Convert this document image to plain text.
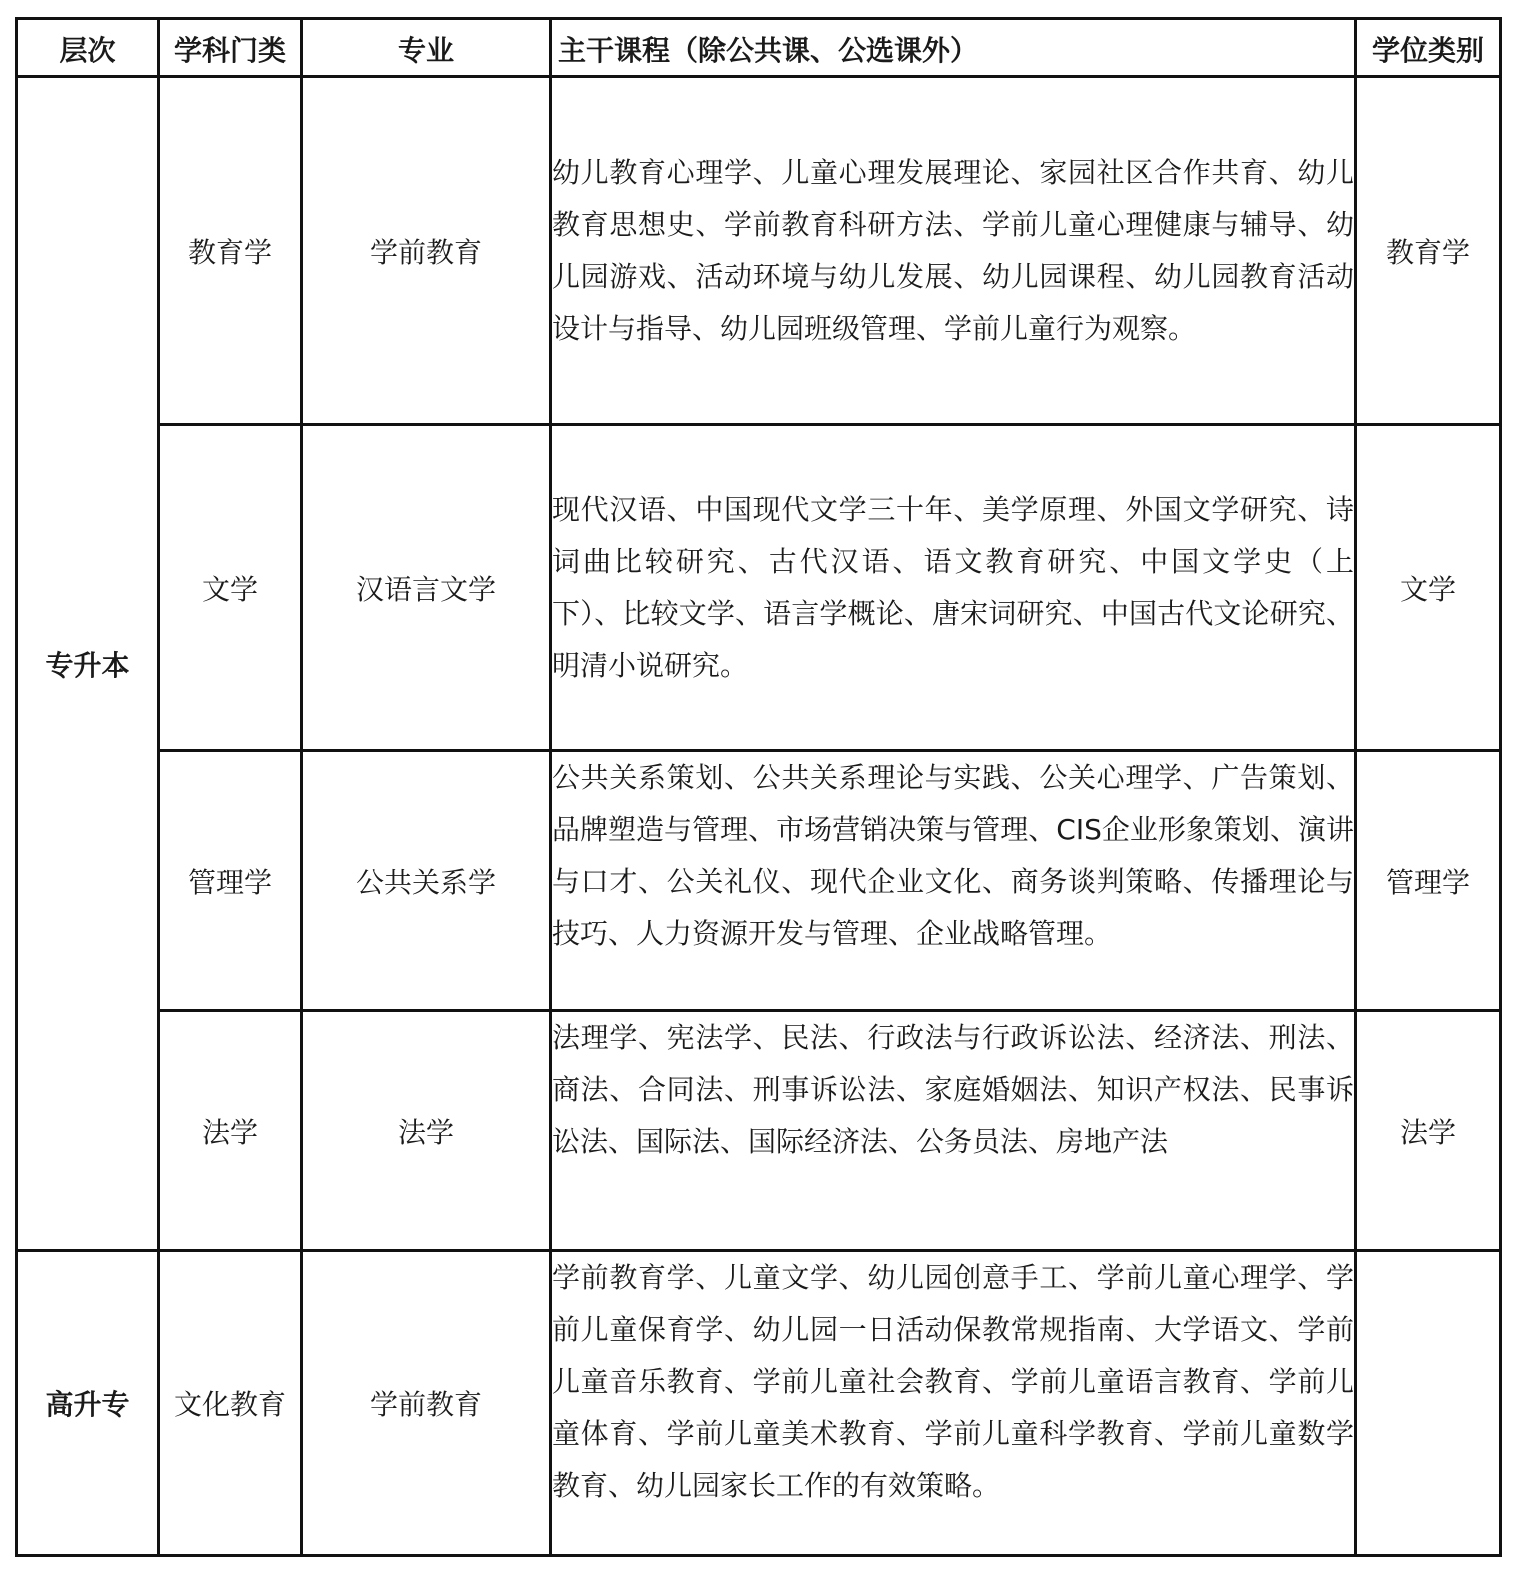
层次	学科门类	专业	主干课程（除公共课、公选课外）	学位类别
专升本	教育学	学前教育	幼儿教育心理学、儿童心理发展理论、家园社区合作共育、幼儿教育思想史、学前教育科研方法、学前儿童心理健康与辅导、幼儿园游戏、活动环境与幼儿发展、幼儿园课程、幼儿园教育活动设计与指导、幼儿园班级管理、学前儿童行为观察。	教育学
	文学	汉语言文学	现代汉语、中国现代文学三十年、美学原理、外国文学研究、诗词曲比较研究、古代汉语、语文教育研究、中国文学史（上 下）、比较文学、语言学概论、唐宋词研究、中国古代文论研究、明清小说研究。	文学
	管理学	公共关系学	公共关系策划、公共关系理论与实践、公关心理学、广告策划、品牌塑造与管理、市场营销决策与管理、CIS企业形象策划、演讲与口才、公关礼仪、现代企业文化、商务谈判策略、传播理论与技巧、人力资源开发与管理、企业战略管理。	管理学
	法学	法学	法理学、宪法学、民法、行政法与行政诉讼法、经济法、刑法、商法、合同法、刑事诉讼法、家庭婚姻法、知识产权法、民事诉讼法、国际法、国际经济法、公务员法、房地产法	法学
高升专	文化教育	学前教育	学前教育学、儿童文学、幼儿园创意手工、学前儿童心理学、学前儿童保育学、幼儿园一日活动保教常规指南、大学语文、学前儿童音乐教育、学前儿童社会教育、学前儿童语言教育、学前儿童体育、学前儿童美术教育、学前儿童科学教育、学前儿童数学教育、幼儿园家长工作的有效策略。	
